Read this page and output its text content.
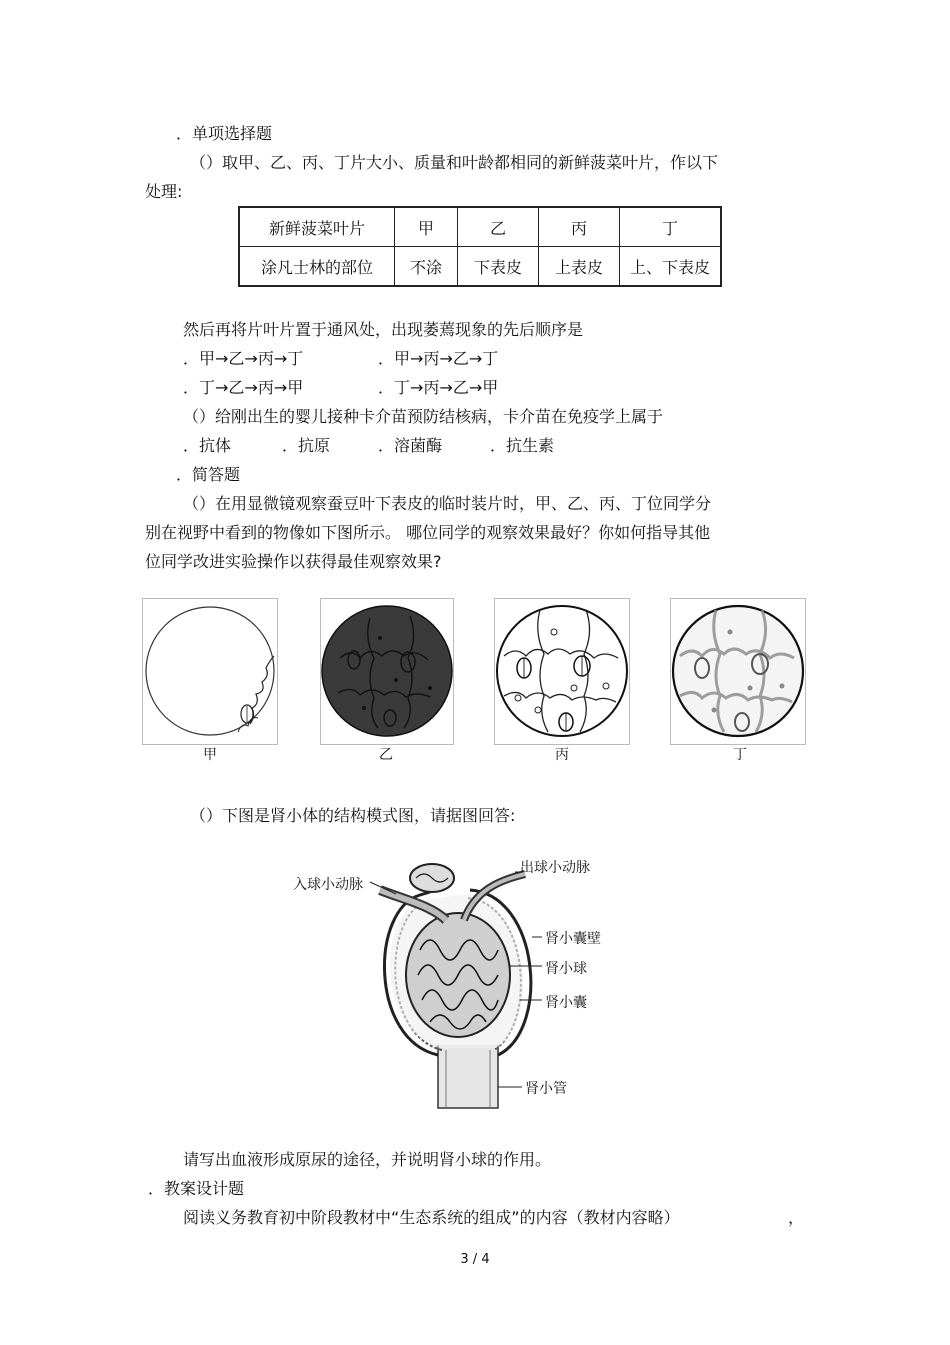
．单项选择题
（）取甲、乙、丙、丁片大小、质量和叶龄都相同的新鲜菠菜叶片，作以下
处理:
新鲜菠菜叶片	甲	乙	丙	丁
涂凡士林的部位	不涂	下表皮	上表皮	上、下表皮
然后再将片叶片置于通风处，出现萎蔫现象的先后顺序是
．甲→乙→丙→丁	．甲→丙→乙→丁
．丁→乙→丙→甲	．丁→丙→乙→甲
（）给刚出生的婴儿接种卡介苗预防结核病，卡介苗在免疫学上属于
．抗体	．抗原	．溶菌酶	．抗生素
．简答题
（）在用显微镜观察蚕豆叶下表皮的临时装片时，甲、乙、丙、丁位同学分
别在视野中看到的物像如下图所示。 哪位同学的观察效果最好？你如何指导其他
位同学改进实验操作以获得最佳观察效果?
甲	乙	丙	丁
（）下图是肾小体的结构模式图，请据图回答:
入球小动脉
出球小动脉
肾小囊壁
肾小球
肾小囊
肾小管
请写出血液形成原尿的途径，并说明肾小球的作用。
．教案设计题
阅读义务教育初中阶段教材中“生态系统的组成”的内容（教材内容略）	，
3 / 4
